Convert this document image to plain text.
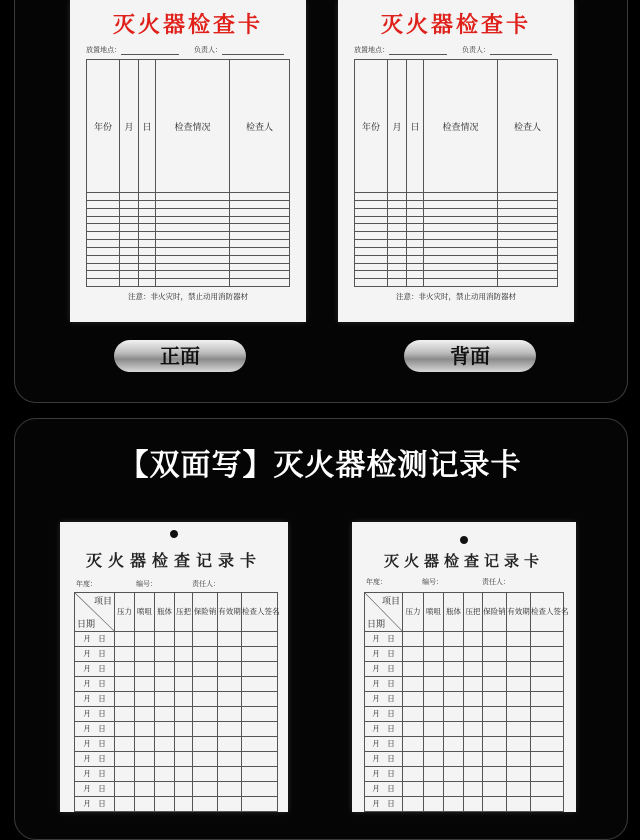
灭火器检查卡
放置地点：	负责人：
年份	月	日	检查情况	检查人

注意：非火灾时，禁止动用消防器材
灭火器检查卡
放置地点：	负责人：
年份	月	日	检查情况	检查人

注意：非火灾时，禁止动用消防器材
正面	背面
【双面写】灭火器检测记录卡
灭火器检查记录卡
年度：	编号：	责任人：
项目
日期	压力	喷咀	瓶体	压把	保险销	有效期	检查人签名
月　日							
月　日							
月　日							
月　日							
月　日							
月　日							
月　日							
月　日							
月　日							
月　日							
月　日							
月　日							
灭火器检查记录卡
年度：	编号：	责任人：
项目
日期	压力	喷咀	瓶体	压把	保险销	有效期	检查人签名
月　日							
月　日							
月　日							
月　日							
月　日							
月　日							
月　日							
月　日							
月　日							
月　日							
月　日							
月　日							
